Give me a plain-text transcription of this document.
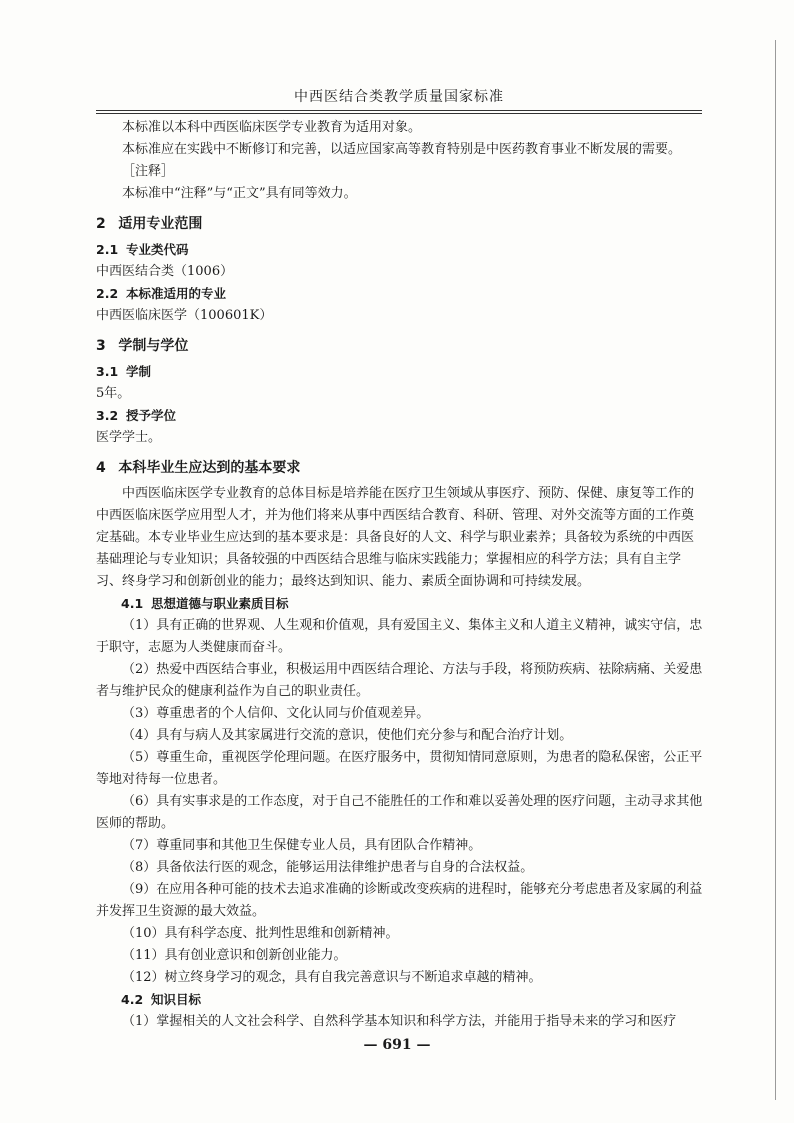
中西医结合类教学质量国家标准

本标准以本科中西医临床医学专业教育为适用对象。

本标准应在实践中不断修订和完善，以适应国家高等教育特别是中医药教育事业不断发展的需要。

［注释］

本标准中“注释”与“正文”具有同等效力。

2 适用专业范围

2.1 专业类代码

中西医结合类（1006）

2.2 本标准适用的专业

中西医临床医学（100601K）

3 学制与学位

3.1 学制

5年。

3.2 授予学位

医学学士。

4 本科毕业生应达到的基本要求

中西医临床医学专业教育的总体目标是培养能在医疗卫生领域从事医疗、预防、保健、康复等工作的中西医临床医学应用型人才，并为他们将来从事中西医结合教育、科研、管理、对外交流等方面的工作奠定基础。本专业毕业生应达到的基本要求是：具备良好的人文、科学与职业素养；具备较为系统的中西医基础理论与专业知识；具备较强的中西医结合思维与临床实践能力；掌握相应的科学方法；具有自主学习、终身学习和创新创业的能力；最终达到知识、能力、素质全面协调和可持续发展。

4.1 思想道德与职业素质目标

（1）具有正确的世界观、人生观和价值观，具有爱国主义、集体主义和人道主义精神，诚实守信，忠于职守，志愿为人类健康而奋斗。

（2）热爱中西医结合事业，积极运用中西医结合理论、方法与手段，将预防疾病、祛除病痛、关爱患者与维护民众的健康利益作为自己的职业责任。

（3）尊重患者的个人信仰、文化认同与价值观差异。

（4）具有与病人及其家属进行交流的意识，使他们充分参与和配合治疗计划。

（5）尊重生命，重视医学伦理问题。在医疗服务中，贯彻知情同意原则，为患者的隐私保密，公正平等地对待每一位患者。

（6）具有实事求是的工作态度，对于自己不能胜任的工作和难以妥善处理的医疗问题，主动寻求其他医师的帮助。

（7）尊重同事和其他卫生保健专业人员，具有团队合作精神。

（8）具备依法行医的观念，能够运用法律维护患者与自身的合法权益。

（9）在应用各种可能的技术去追求准确的诊断或改变疾病的进程时，能够充分考虑患者及家属的利益并发挥卫生资源的最大效益。

（10）具有科学态度、批判性思维和创新精神。

（11）具有创业意识和创新创业能力。

（12）树立终身学习的观念，具有自我完善意识与不断追求卓越的精神。

4.2 知识目标

（1）掌握相关的人文社会科学、自然科学基本知识和科学方法，并能用于指导未来的学习和医疗

— 691 —
